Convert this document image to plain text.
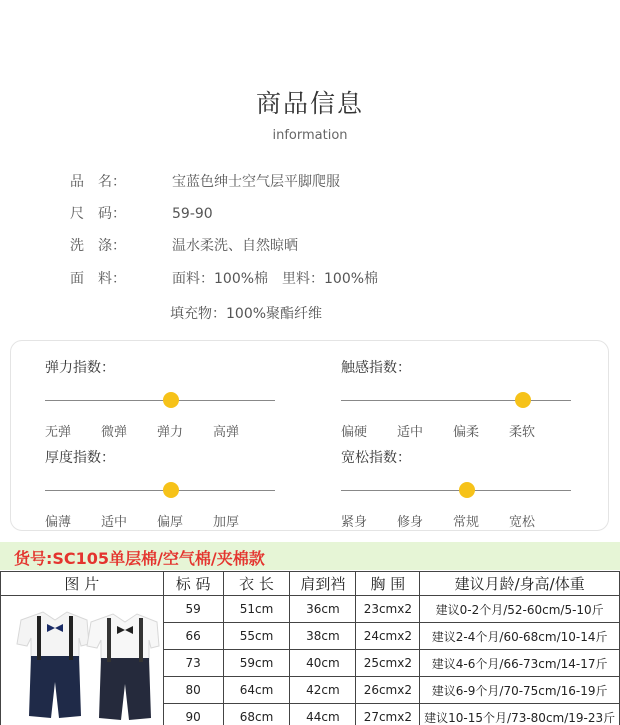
商品信息
information
品　名：	宝蓝色绅士空气层平脚爬服
尺　码：	59-90
洗　涤：	温水柔洗、自然晾晒
面　料：	面料：100%棉　里料：100%棉
填充物：100%聚酯纤维
弹力指数：
无弹	微弹	弹力	高弹
触感指数：
偏硬	适中	偏柔	柔软
厚度指数：
偏薄	适中	偏厚	加厚
宽松指数：
紧身	修身	常规	宽松
货号:SC105单层棉/空气棉/夹棉款
图 片	标 码	衣 长	肩到裆	胸 围	建议月龄/身高/体重

	59	51cm	36cm	23cmx2	建议0-2个月/52-60cm/5-10斤
	66	55cm	38cm	24cmx2	建议2-4个月/60-68cm/10-14斤
	73	59cm	40cm	25cmx2	建议4-6个月/66-73cm/14-17斤
	80	64cm	42cm	26cmx2	建议6-9个月/70-75cm/16-19斤
	90	68cm	44cm	27cmx2	建议10-15个月/73-80cm/19-23斤
